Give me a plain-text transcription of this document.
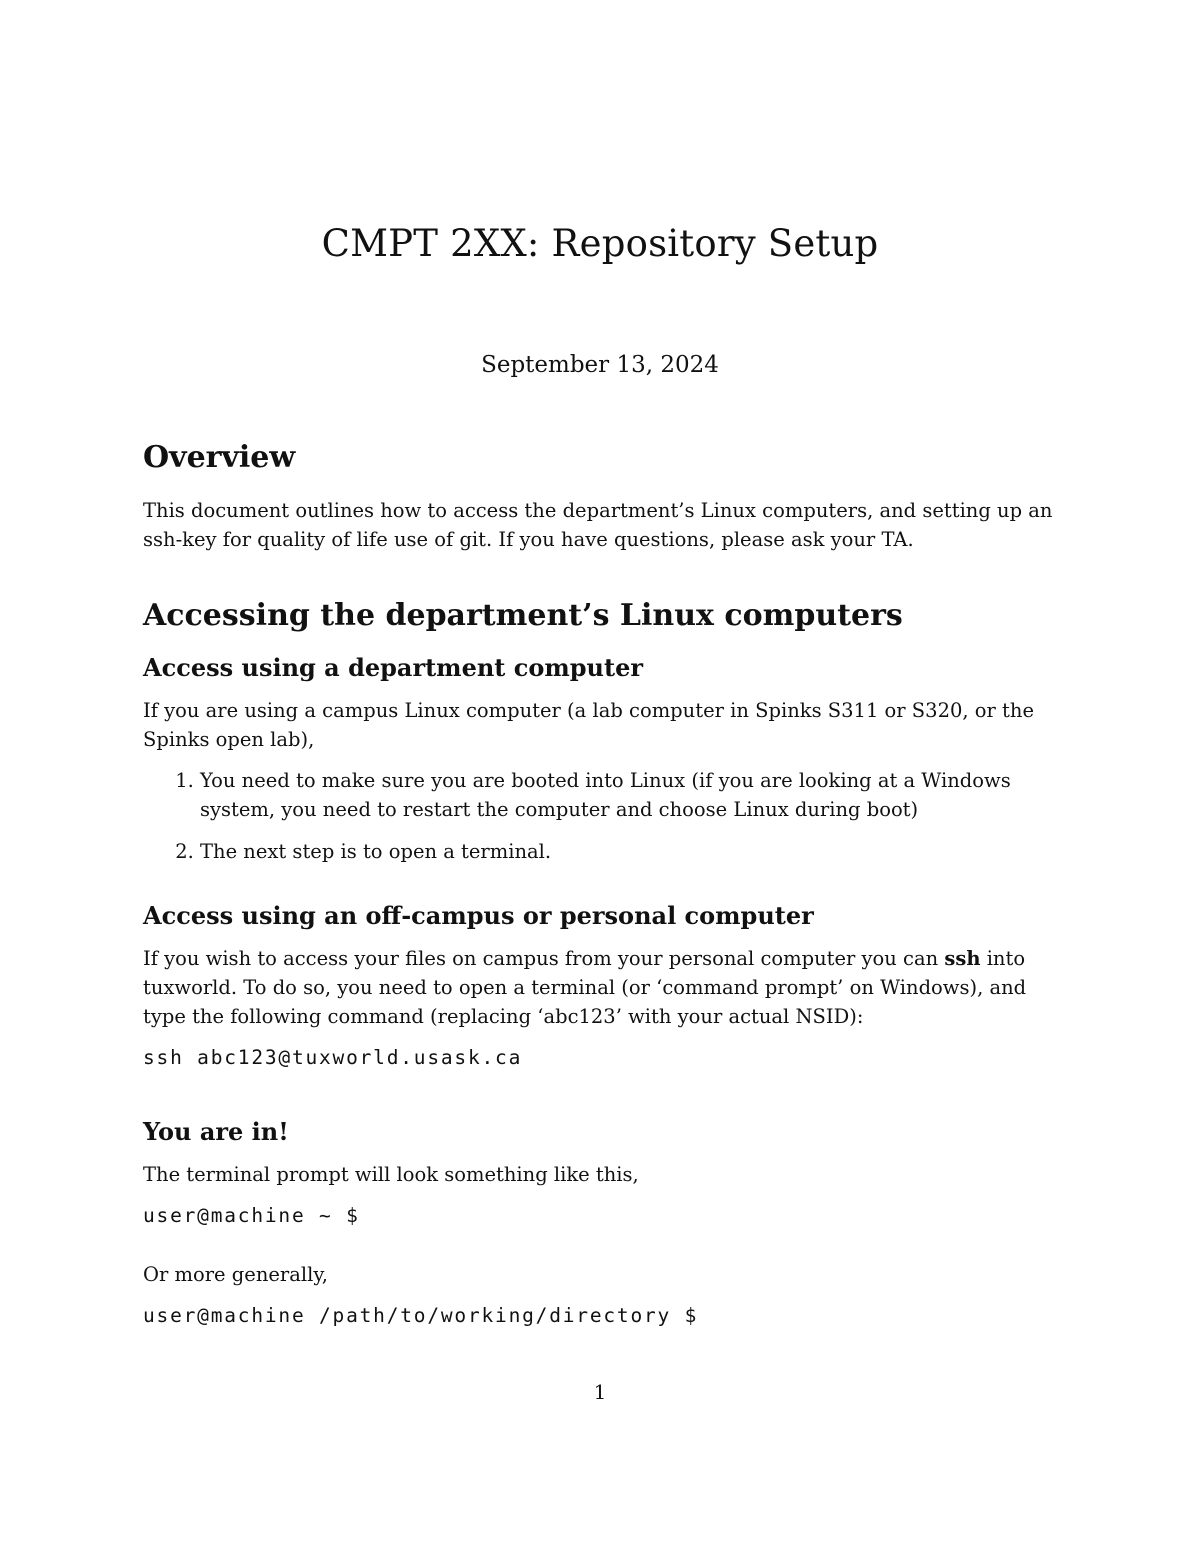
CMPT 2XX: Repository Setup

September 13, 2024

Overview

This document outlines how to access the department’s Linux computers, and setting up an ssh-key for quality of life use of git. If you have questions, please ask your TA.

Accessing the department’s Linux computers
Access using a department computer

If you are using a campus Linux computer (a lab computer in Spinks S311 or S320, or the Spinks open lab),

1. You need to make sure you are booted into Linux (if you are looking at a Windows system, you need to restart the computer and choose Linux during boot)
2. The next step is to open a terminal.
Access using an off-campus or personal computer

If you wish to access your files on campus from your personal computer you can ssh into tuxworld. To do so, you need to open a terminal (or ‘command prompt’ on Windows), and type the following command (replacing ‘abc123’ with your actual NSID):

ssh abc123@tuxworld.usask.ca

You are in!

The terminal prompt will look something like this,

user@machine ~ $

Or more generally,

user@machine /path/to/working/directory $

1
